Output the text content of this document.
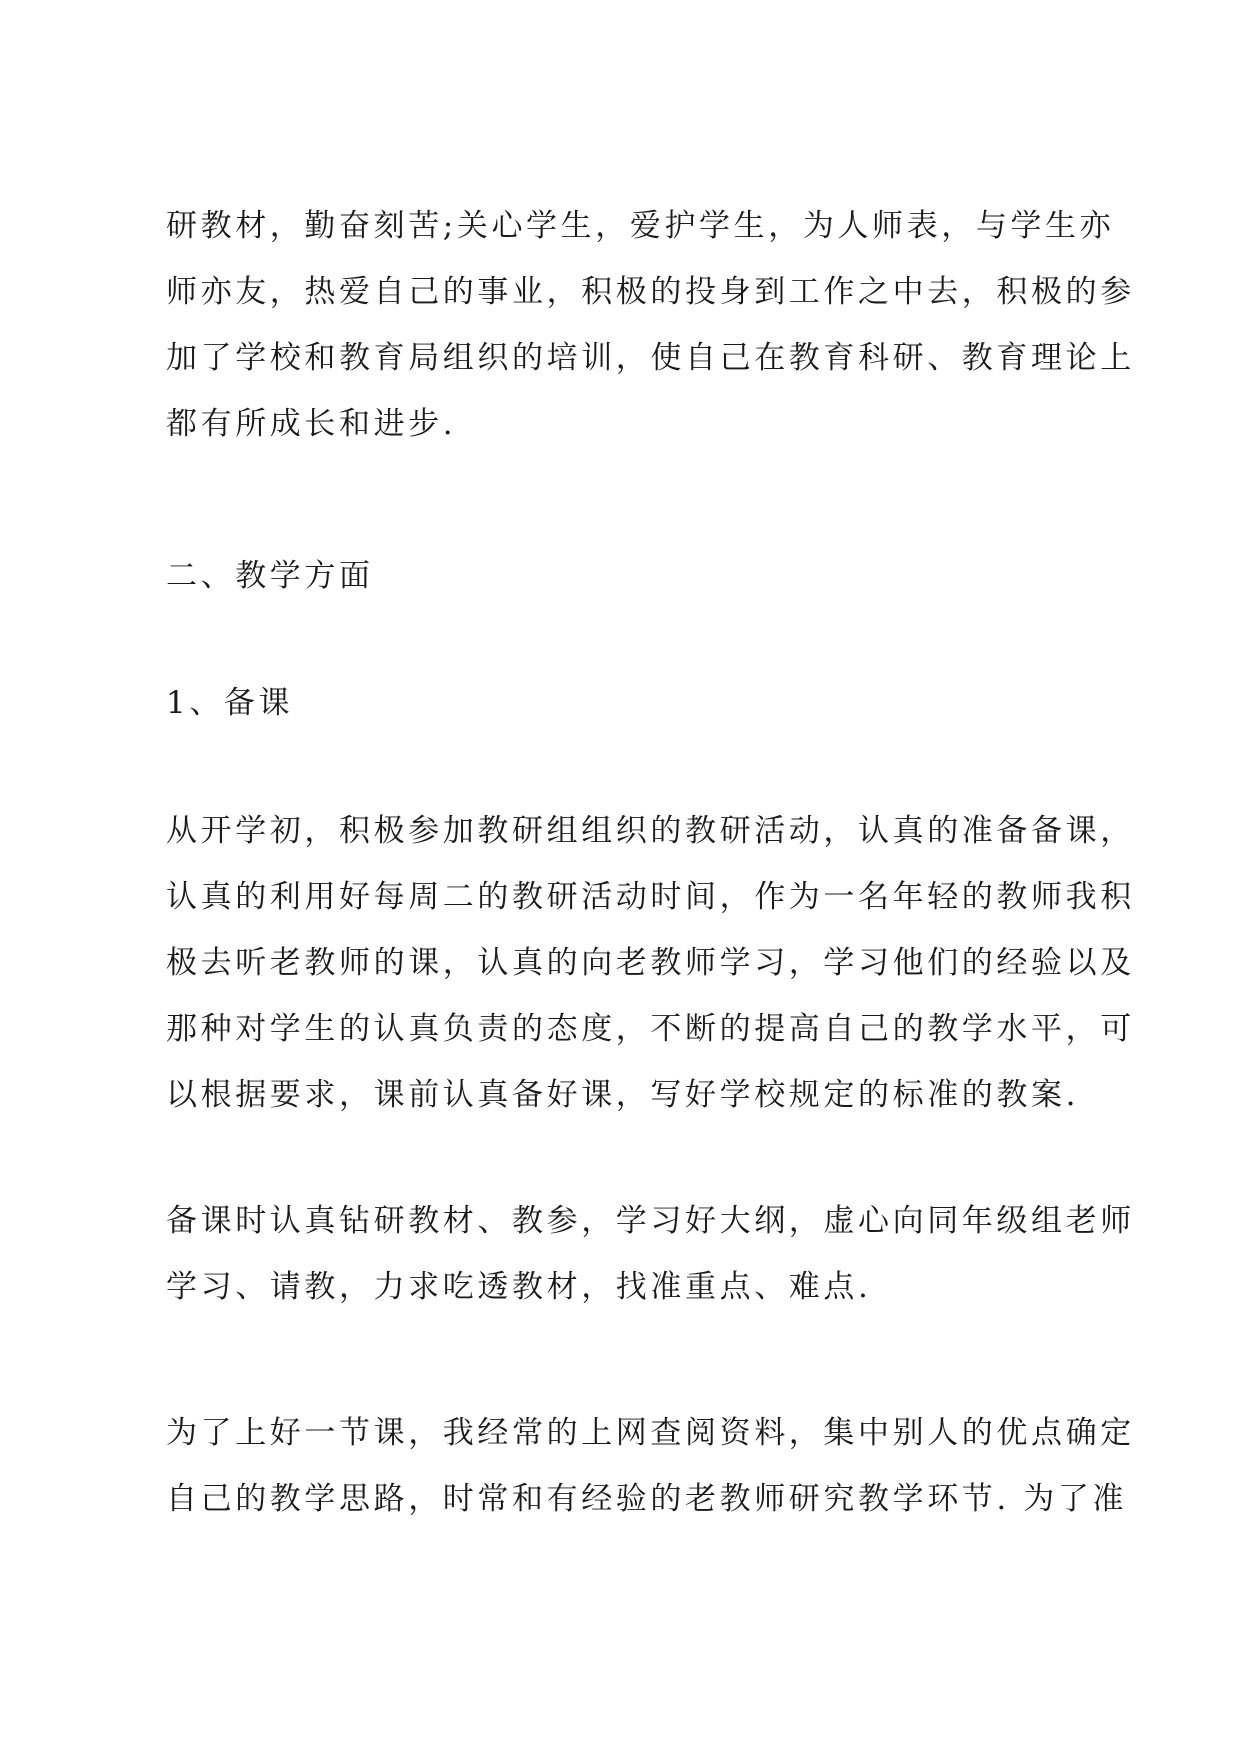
研教材，勤奋刻苦;关心学生，爱护学生，为人师表，与学生亦
师亦友，热爱自己的事业，积极的投身到工作之中去，积极的参
加了学校和教育局组织的培训，使自己在教育科研、教育理论上
都有所成长和进步.
二、教学方面
1、备课
从开学初，积极参加教研组组织的教研活动，认真的准备备课，
认真的利用好每周二的教研活动时间，作为一名年轻的教师我积
极去听老教师的课，认真的向老教师学习，学习他们的经验以及
那种对学生的认真负责的态度，不断的提高自己的教学水平，可
以根据要求，课前认真备好课，写好学校规定的标准的教案.
备课时认真钻研教材、教参，学习好大纲，虚心向同年级组老师
学习、请教，力求吃透教材，找准重点、难点.
为了上好一节课，我经常的上网查阅资料，集中别人的优点确定
自己的教学思路，时常和有经验的老教师研究教学环节. 为了准
